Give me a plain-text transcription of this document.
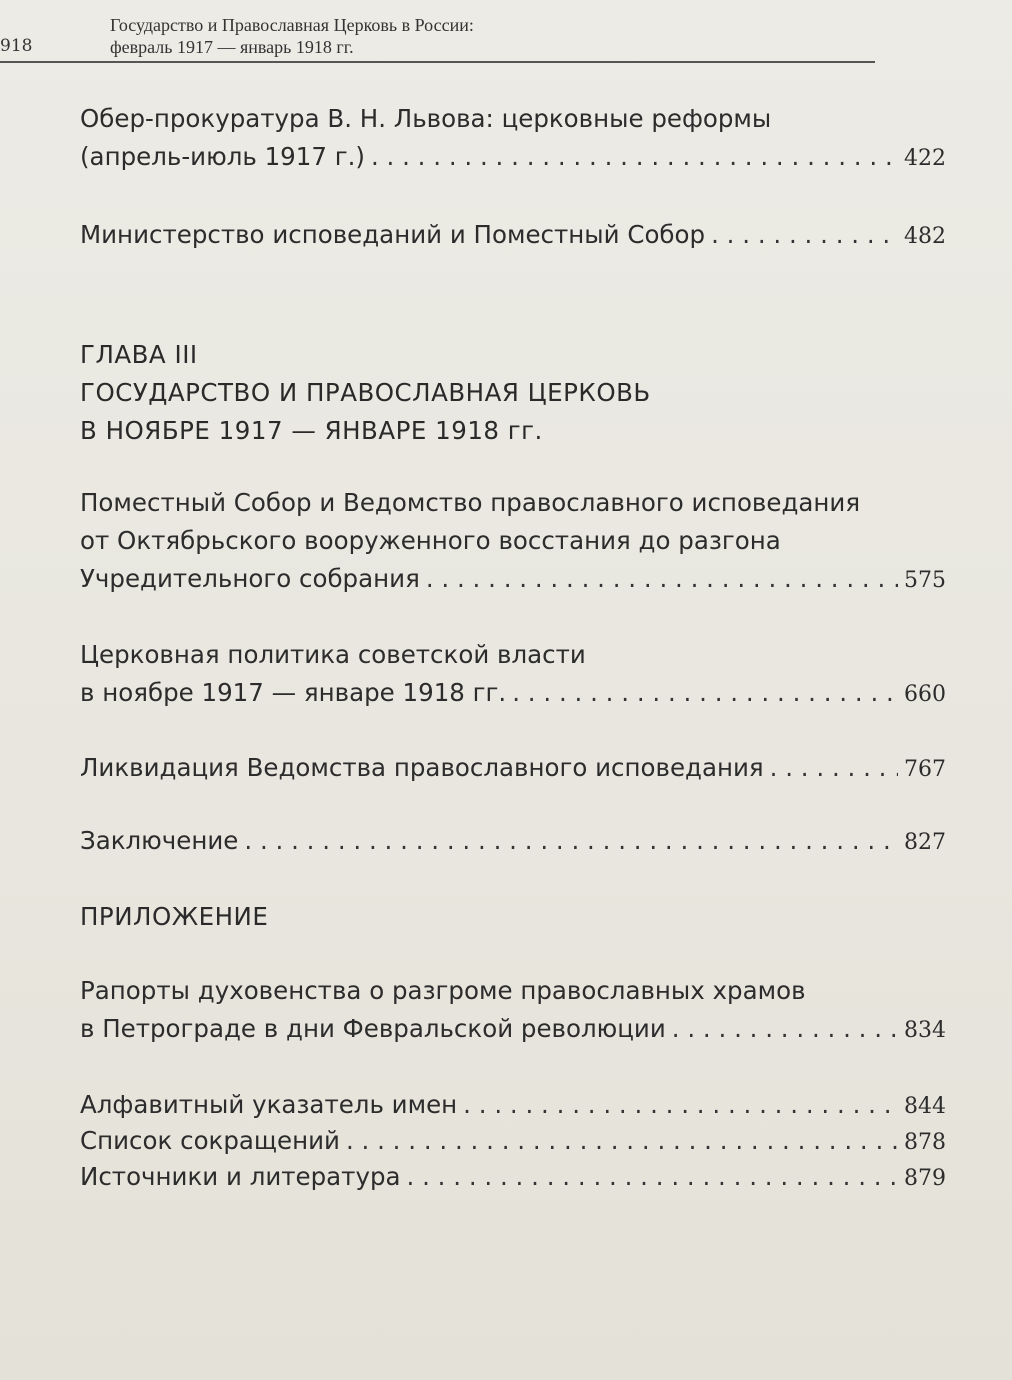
918
Государство и Православная Церковь в России:
февраль 1917 — январь 1918 гг.
Обер-прокуратура В. Н. Львова: церковные реформы
(апрель-июль 1917 г.) . . .	422
Министерство исповеданий и Поместный Собор . . .	482
ГЛАВА III
ГОСУДАРСТВО И ПРАВОСЛАВНАЯ ЦЕРКОВЬ
В НОЯБРЕ 1917 — ЯНВАРЕ 1918 гг.
Поместный Собор и Ведомство православного исповедания
от Октябрьского вооруженного восстания до разгона
Учредительного собрания . . .	575
Церковная политика советской власти
в ноябре 1917 — январе 1918 гг. . . .	660
Ликвидация Ведомства православного исповедания . . .	767
Заключение . . .	827
ПРИЛОЖЕНИЕ
Рапорты духовенства о разгроме православных храмов
в Петрограде в дни Февральской революции . . .	834
Алфавитный указатель имен . . .	844
Список сокращений . . .	878
Источники и литература . . .	879
